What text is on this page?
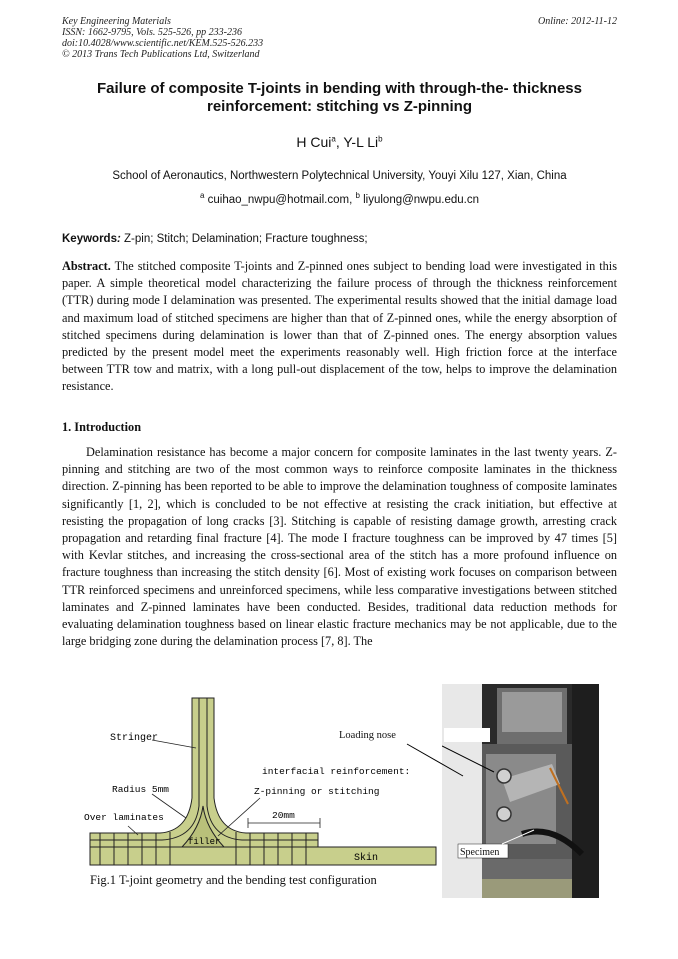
Key Engineering Materials
ISSN: 1662-9795, Vols. 525-526, pp 233-236
doi:10.4028/www.scientific.net/KEM.525-526.233
© 2013 Trans Tech Publications Ltd, Switzerland
Online: 2012-11-12
Failure of composite T-joints in bending with through-the- thickness
reinforcement: stitching vs Z-pinning
H Cui$^a$, Y-L Li$^b$
School of Aeronautics, Northwestern Polytechnical University, Youyi Xilu 127, Xian, China
$^a$ cuihao_nwpu@hotmail.com, $^b$ liyulong@nwpu.edu.cn
Keywords: Z-pin; Stitch; Delamination; Fracture toughness;
Abstract. The stitched composite T-joints and Z-pinned ones subject to bending load were investigated in this paper. A simple theoretical model characterizing the failure process of through the thickness reinforcement (TTR) during mode I delamination was presented. The experimental results showed that the initial damage load and maximum load of stitched specimens are higher than that of Z-pinned ones, while the energy absorption of stitched specimens during delamination is lower than that of Z-pinned ones. The energy absorption values predicted by the present model meet the experiments reasonably well. High friction force at the interface between TTR tow and matrix, with a long pull-out displacement of the tow, helps to improve the delamination resistance.
1. Introduction
Delamination resistance has become a major concern for composite laminates in the last twenty years. Z-pinning and stitching are two of the most common ways to reinforce composite laminates in the thickness direction. Z-pinning has been reported to be able to improve the delamination toughness of composite laminates significantly [1, 2], which is concluded to be not effective at resisting the crack initiation, but effective at resisting the propagation of long cracks [3]. Stitching is capable of resisting damage growth, arresting crack propagation and retarding final fracture [4]. The mode I fracture toughness can be improved by 47 times [5] with Kevlar stitches, and increasing the cross-sectional area of the stitch has a more profound influence on fracture toughness than increasing the stitch density [6]. Most of existing work focuses on comparison between TTR reinforced specimens and unreinforced specimens, while less comparative investigations between stitched laminates and Z-pinned laminates have been conducted. Besides, traditional data reduction methods for evaluating delamination toughness based on linear elastic fracture mechanics may be not applicable, due to the large bridging zone during the delamination process [7, 8]. The
Stringer
Radius 5mm
Over laminates
filler
interfacial reinforcement:
Z-pinning or stitching
20mm
Skin
Loading nose
Specimen
Fig.1 T-joint geometry and the bending test configuration
